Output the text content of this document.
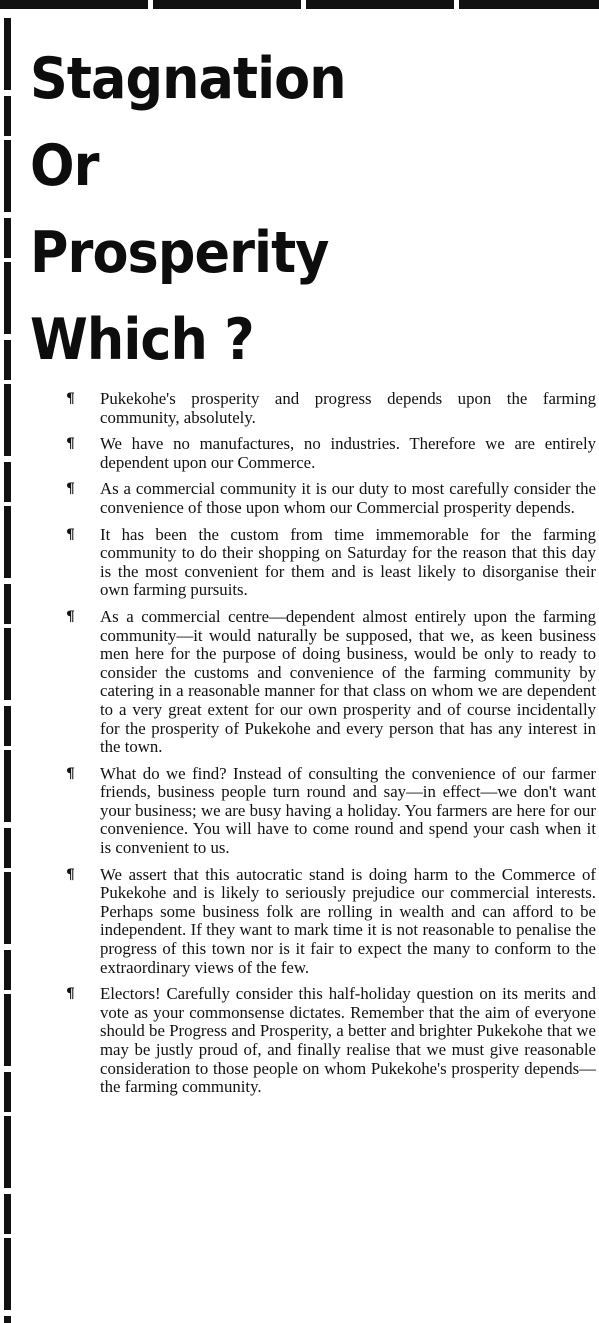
Stagnation
Or
Prosperity
Which ?

¶ Pukekohe's prosperity and progress depends upon the farming community, absolutely.

¶ We have no manufactures, no industries. Therefore we are entirely dependent upon our Commerce.

¶ As a commercial community it is our duty to most carefully consider the convenience of those upon whom our Commercial prosperity depends.

¶ It has been the custom from time immemorable for the farming community to do their shopping on Saturday for the reason that this day is the most convenient for them and is least likely to disorganise their own farming pursuits.

¶ As a commercial centre—dependent almost entirely upon the farming community—it would naturally be supposed, that we, as keen business men here for the purpose of doing business, would be only to ready to consider the customs and convenience of the farming community by catering in a reasonable manner for that class on whom we are dependent to a very great extent for our own prosperity and of course incidentally for the prosperity of Pukekohe and every person that has any interest in the town.

¶ What do we find? Instead of consulting the convenience of our farmer friends, business people turn round and say—in effect—we don't want your business; we are busy having a holiday. You farmers are here for our convenience. You will have to come round and spend your cash when it is convenient to us.

¶ We assert that this autocratic stand is doing harm to the Commerce of Pukekohe and is likely to seriously prejudice our commercial interests. Perhaps some business folk are rolling in wealth and can afford to be independent. If they want to mark time it is not reasonable to penalise the progress of this town nor is it fair to expect the many to conform to the extraordinary views of the few.

¶ Electors! Carefully consider this half-holiday question on its merits and vote as your commonsense dictates. Remember that the aim of everyone should be Progress and Prosperity, a better and brighter Pukekohe that we may be justly proud of, and finally realise that we must give reasonable consideration to those people on whom Pukekohe's prosperity depends—the farming community.
